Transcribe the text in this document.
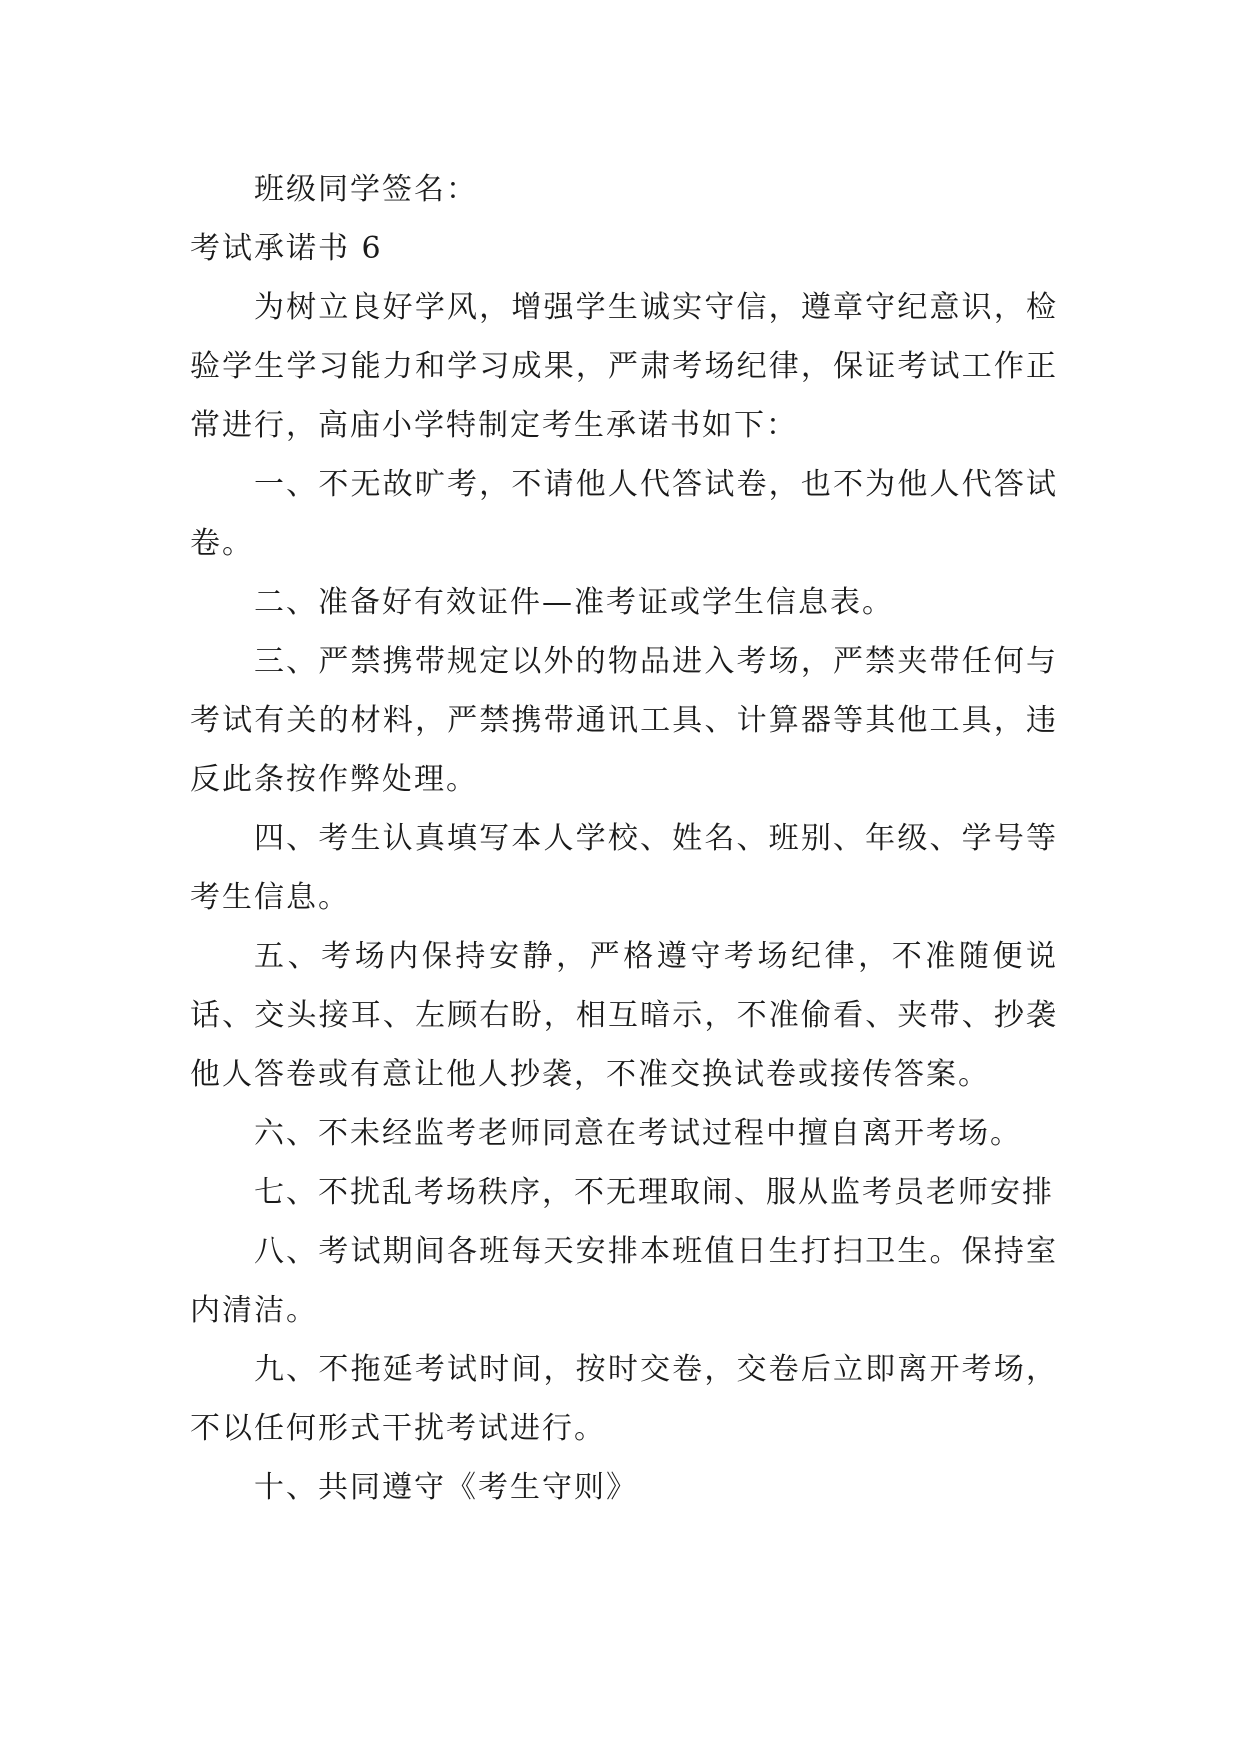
班级同学签名：

考试承诺书 6

为树立良好学风，增强学生诚实守信，遵章守纪意识，检验学生学习能力和学习成果，严肃考场纪律，保证考试工作正常进行，高庙小学特制定考生承诺书如下：

一、不无故旷考，不请他人代答试卷，也不为他人代答试卷。

二、准备好有效证件—准考证或学生信息表。

三、严禁携带规定以外的物品进入考场，严禁夹带任何与考试有关的材料，严禁携带通讯工具、计算器等其他工具，违反此条按作弊处理。

四、考生认真填写本人学校、姓名、班别、年级、学号等考生信息。

五、考场内保持安静，严格遵守考场纪律，不准随便说话、交头接耳、左顾右盼，相互暗示，不准偷看、夹带、抄袭他人答卷或有意让他人抄袭，不准交换试卷或接传答案。

六、不未经监考老师同意在考试过程中擅自离开考场。

七、不扰乱考场秩序，不无理取闹、服从监考员老师安排

八、考试期间各班每天安排本班值日生打扫卫生。保持室内清洁。

九、不拖延考试时间，按时交卷，交卷后立即离开考场，不以任何形式干扰考试进行。

十、共同遵守《考生守则》
